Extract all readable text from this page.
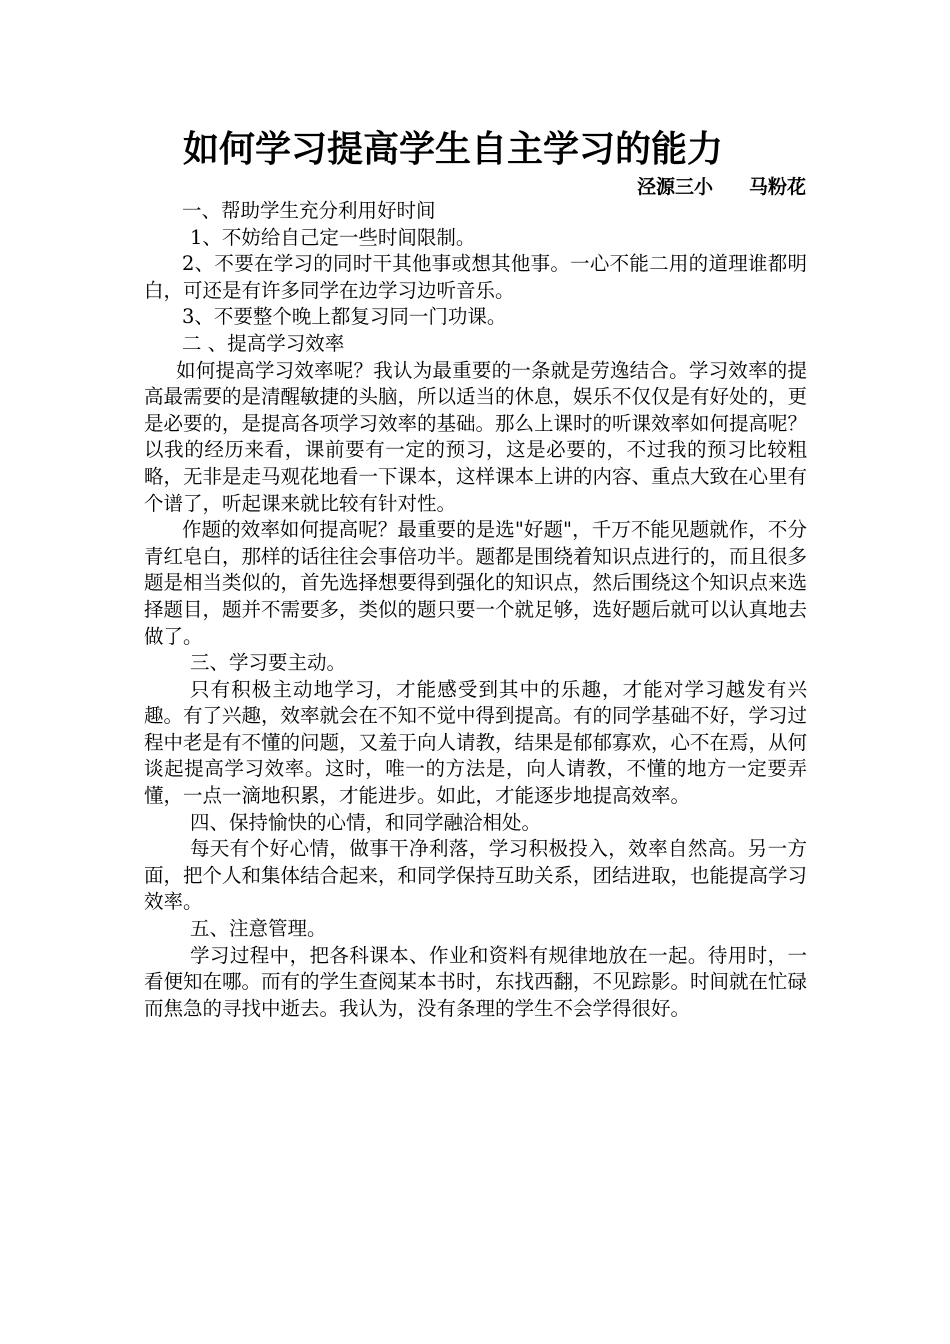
如何学习提高学生自主学习的能力
泾源三小 马粉花

一、帮助学生充分利用好时间

1、不妨给自己定一些时间限制。

2、不要在学习的同时干其他事或想其他事。一心不能二用的道理谁都明白，可还是有许多同学在边学习边听音乐。

3、不要整个晚上都复习同一门功课。

二 、提高学习效率

如何提高学习效率呢？我认为最重要的一条就是劳逸结合。学习效率的提高最需要的是清醒敏捷的头脑，所以适当的休息，娱乐不仅仅是有好处的，更是必要的，是提高各项学习效率的基础。那么上课时的听课效率如何提高呢？以我的经历来看，课前要有一定的预习，这是必要的，不过我的预习比较粗略，无非是走马观花地看一下课本，这样课本上讲的内容、重点大致在心里有个谱了，听起课来就比较有针对性。

作题的效率如何提高呢？最重要的是选"好题"，千万不能见题就作，不分青红皂白，那样的话往往会事倍功半。题都是围绕着知识点进行的，而且很多题是相当类似的，首先选择想要得到强化的知识点，然后围绕这个知识点来选择题目，题并不需要多，类似的题只要一个就足够，选好题后就可以认真地去做了。

三、学习要主动。

只有积极主动地学习，才能感受到其中的乐趣，才能对学习越发有兴趣。有了兴趣，效率就会在不知不觉中得到提高。有的同学基础不好，学习过程中老是有不懂的问题，又羞于向人请教，结果是郁郁寡欢，心不在焉，从何谈起提高学习效率。这时，唯一的方法是，向人请教，不懂的地方一定要弄懂，一点一滴地积累，才能进步。如此，才能逐步地提高效率。

四、保持愉快的心情，和同学融洽相处。

每天有个好心情，做事干净利落，学习积极投入，效率自然高。另一方面，把个人和集体结合起来，和同学保持互助关系，团结进取，也能提高学习效率。

五、注意管理。

学习过程中，把各科课本、作业和资料有规律地放在一起。待用时，一看便知在哪。而有的学生查阅某本书时，东找西翻，不见踪影。时间就在忙碌而焦急的寻找中逝去。我认为，没有条理的学生不会学得很好。
